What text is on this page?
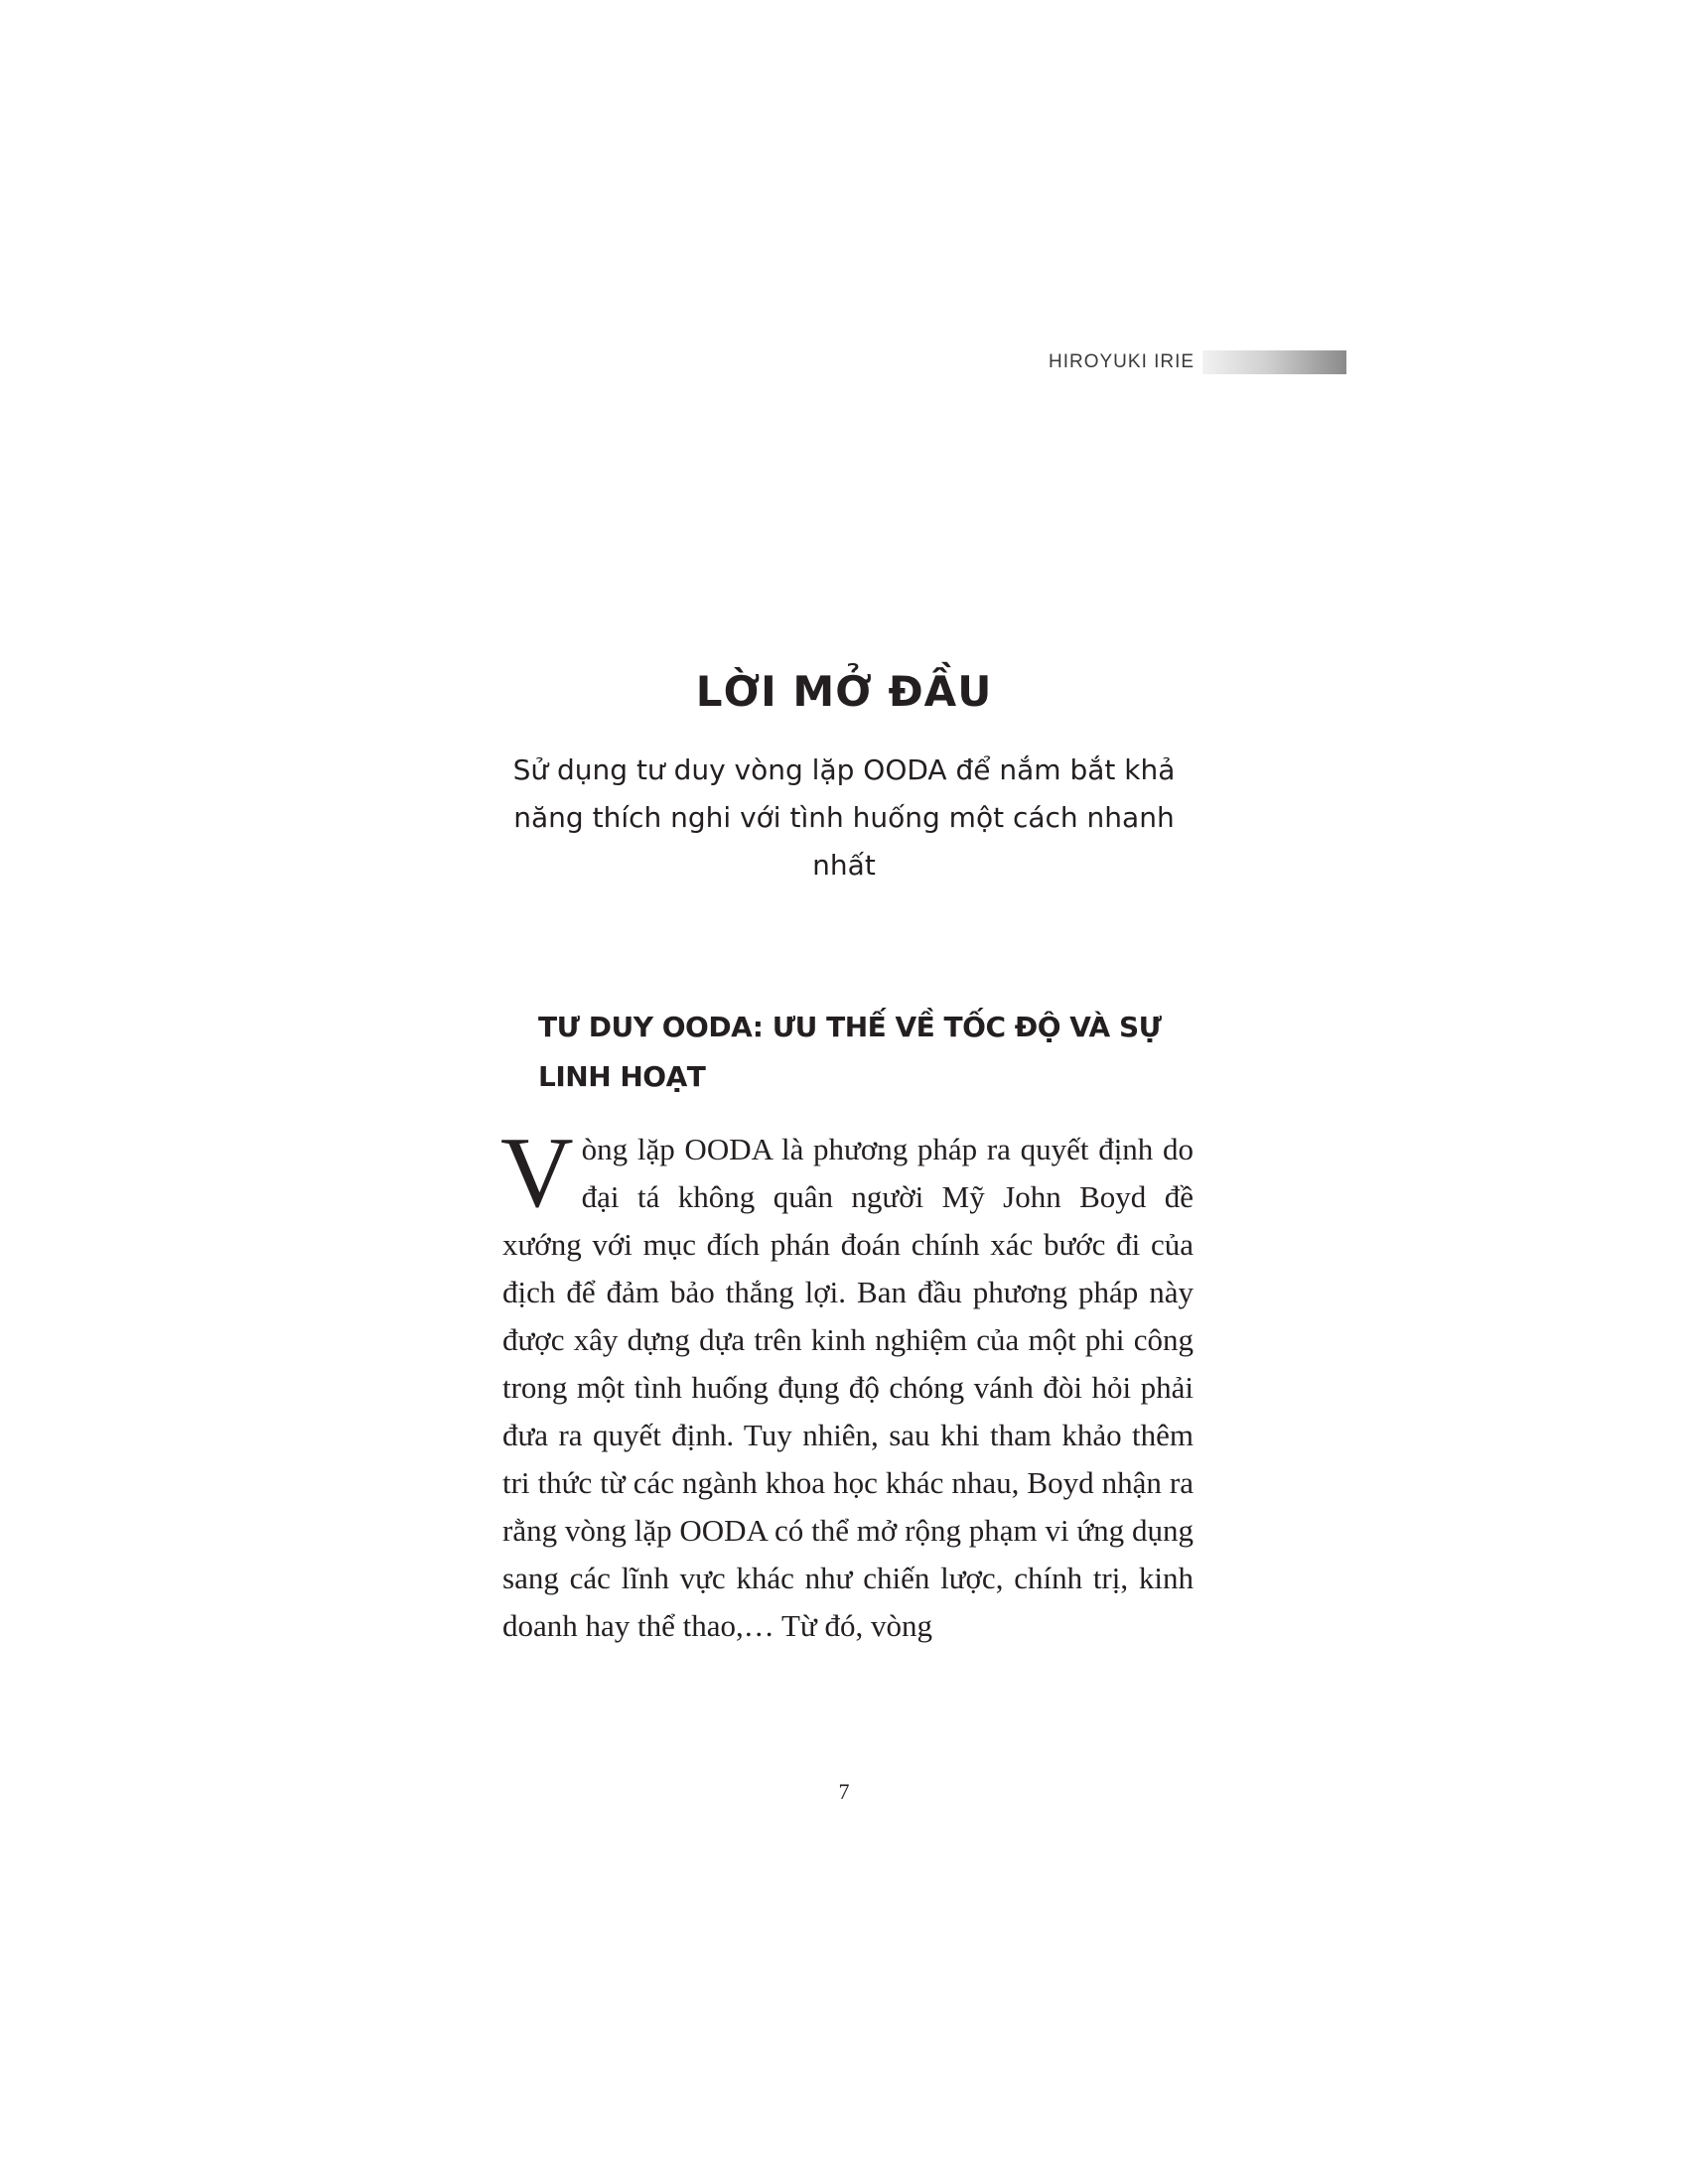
HIROYUKI IRIE
LỜI MỞ ĐẦU
Sử dụng tư duy vòng lặp OODA để nắm bắt khả năng thích nghi với tình huống một cách nhanh nhất
TƯ DUY OODA: ƯU THẾ VỀ TỐC ĐỘ VÀ SỰ LINH HOẠT
Vòng lặp OODA là phương pháp ra quyết định do đại tá không quân người Mỹ John Boyd đề xướng với mục đích phán đoán chính xác bước đi của địch để đảm bảo thắng lợi. Ban đầu phương pháp này được xây dựng dựa trên kinh nghiệm của một phi công trong một tình huống đụng độ chóng vánh đòi hỏi phải đưa ra quyết định. Tuy nhiên, sau khi tham khảo thêm tri thức từ các ngành khoa học khác nhau, Boyd nhận ra rằng vòng lặp OODA có thể mở rộng phạm vi ứng dụng sang các lĩnh vực khác như chiến lược, chính trị, kinh doanh hay thể thao,… Từ đó, vòng
7
